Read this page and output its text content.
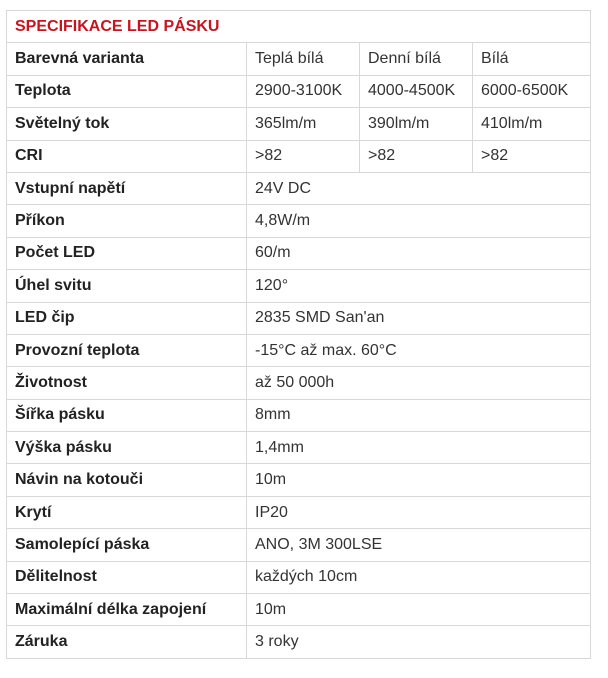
SPECIFIKACE LED PÁSKU			
Barevná varianta	Teplá bílá	Denní bílá	Bílá
Teplota	2900-3100K	4000-4500K	6000-6500K
Světelný tok	365lm/m	390lm/m	410lm/m
CRI	>82	>82	>82
Vstupní napětí	24V DC		
Příkon	4,8W/m		
Počet LED	60/m		
Úhel svitu	120°		
LED čip	2835 SMD San'an		
Provozní teplota	-15°C až max. 60°C		
Životnost	až 50 000h		
Šířka pásku	8mm		
Výška pásku	1,4mm		
Návin na kotouči	10m		
Krytí	IP20		
Samolepící páska	ANO, 3M 300LSE		
Dělitelnost	každých 10cm		
Maximální délka zapojení	10m		
Záruka	3 roky		
